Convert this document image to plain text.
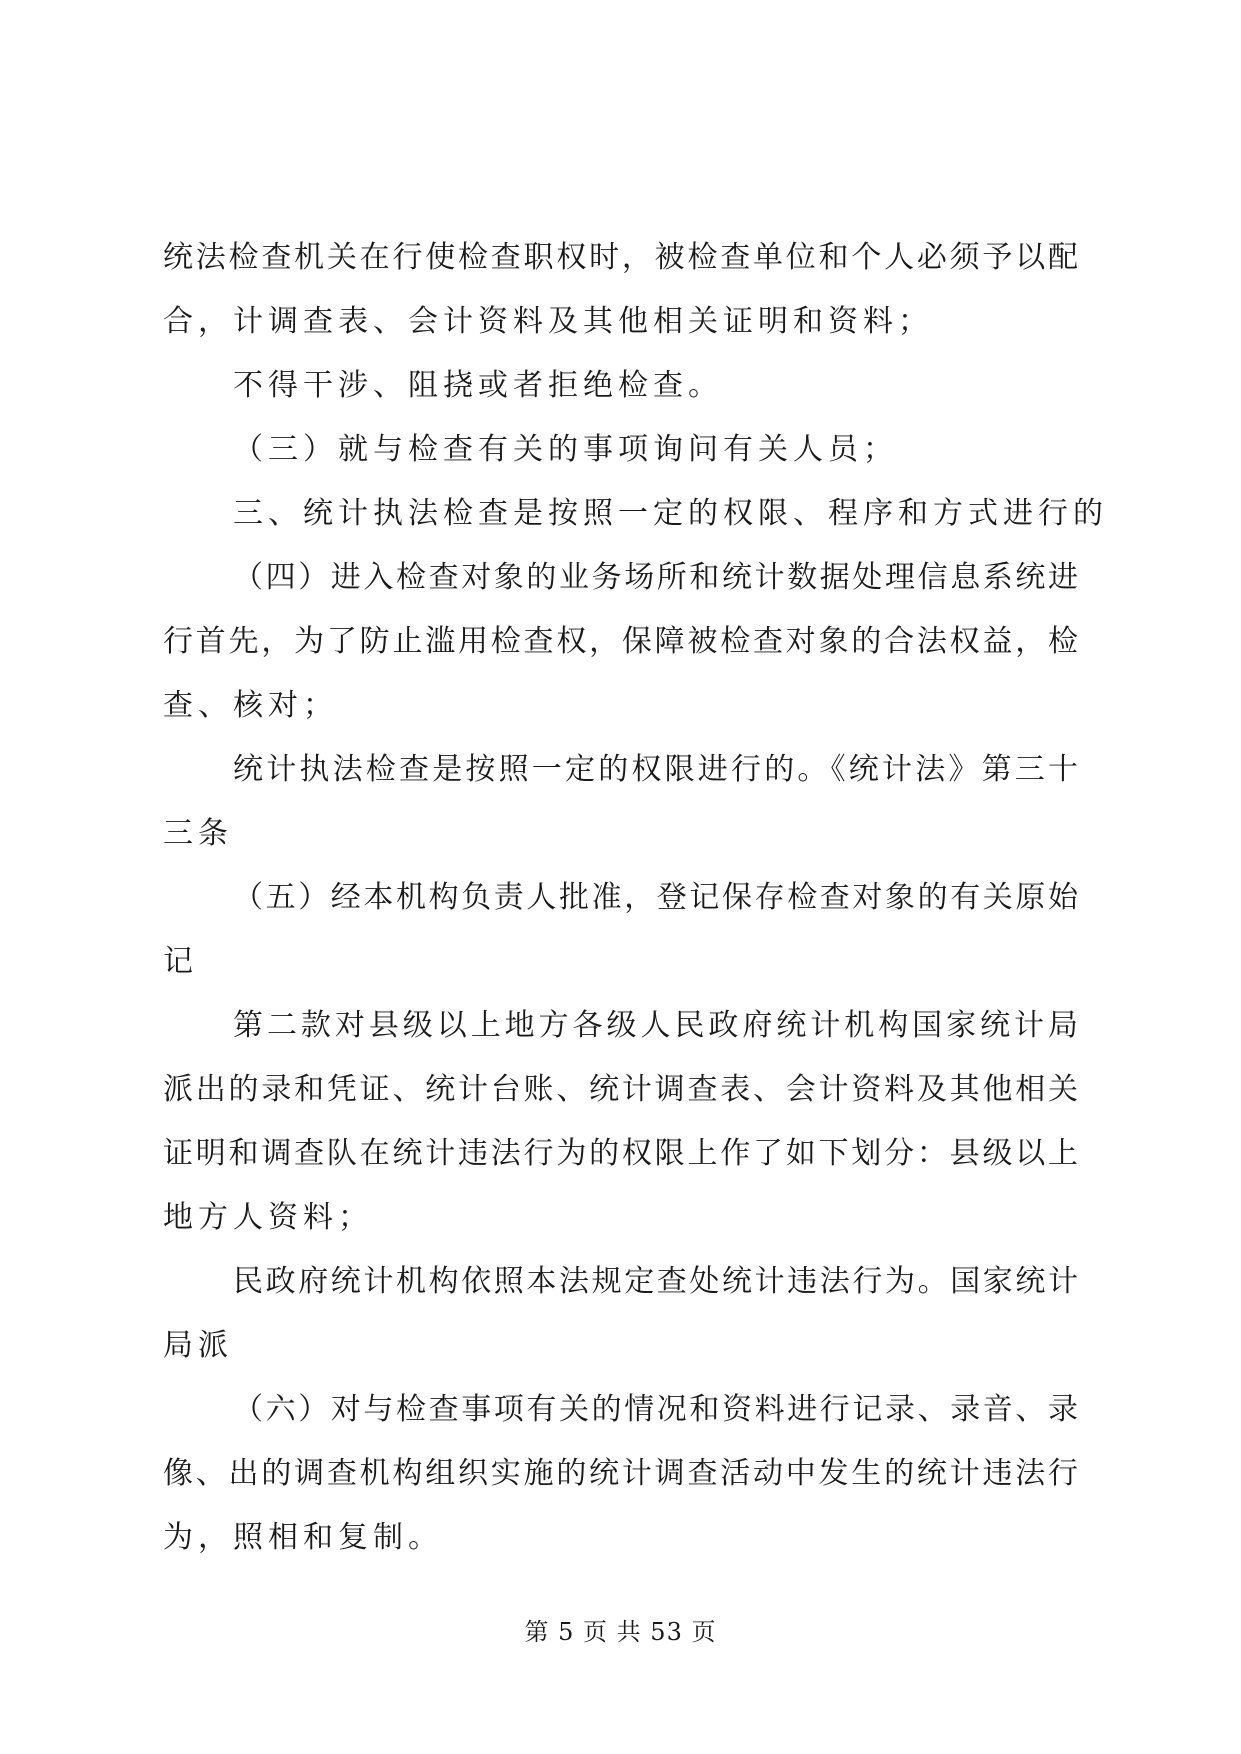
统法检查机关在行使检查职权时，被检查单位和个人必须予以配
合，计调查表、会计资料及其他相关证明和资料；
不得干涉、阻挠或者拒绝检查。
（三）就与检查有关的事项询问有关人员；
三、统计执法检查是按照一定的权限、程序和方式进行的
（四）进入检查对象的业务场所和统计数据处理信息系统进
行首先，为了防止滥用检查权，保障被检查对象的合法权益，检
查、核对；
统计执法检查是按照一定的权限进行的。《统计法》第三十
三条
（五）经本机构负责人批准，登记保存检查对象的有关原始
记
第二款对县级以上地方各级人民政府统计机构国家统计局
派出的录和凭证、统计台账、统计调查表、会计资料及其他相关
证明和调查队在统计违法行为的权限上作了如下划分：县级以上
地方人资料；
民政府统计机构依照本法规定查处统计违法行为。国家统计
局派
（六）对与检查事项有关的情况和资料进行记录、录音、录
像、出的调查机构组织实施的统计调查活动中发生的统计违法行
为，照相和复制。
第 5 页 共 53 页
